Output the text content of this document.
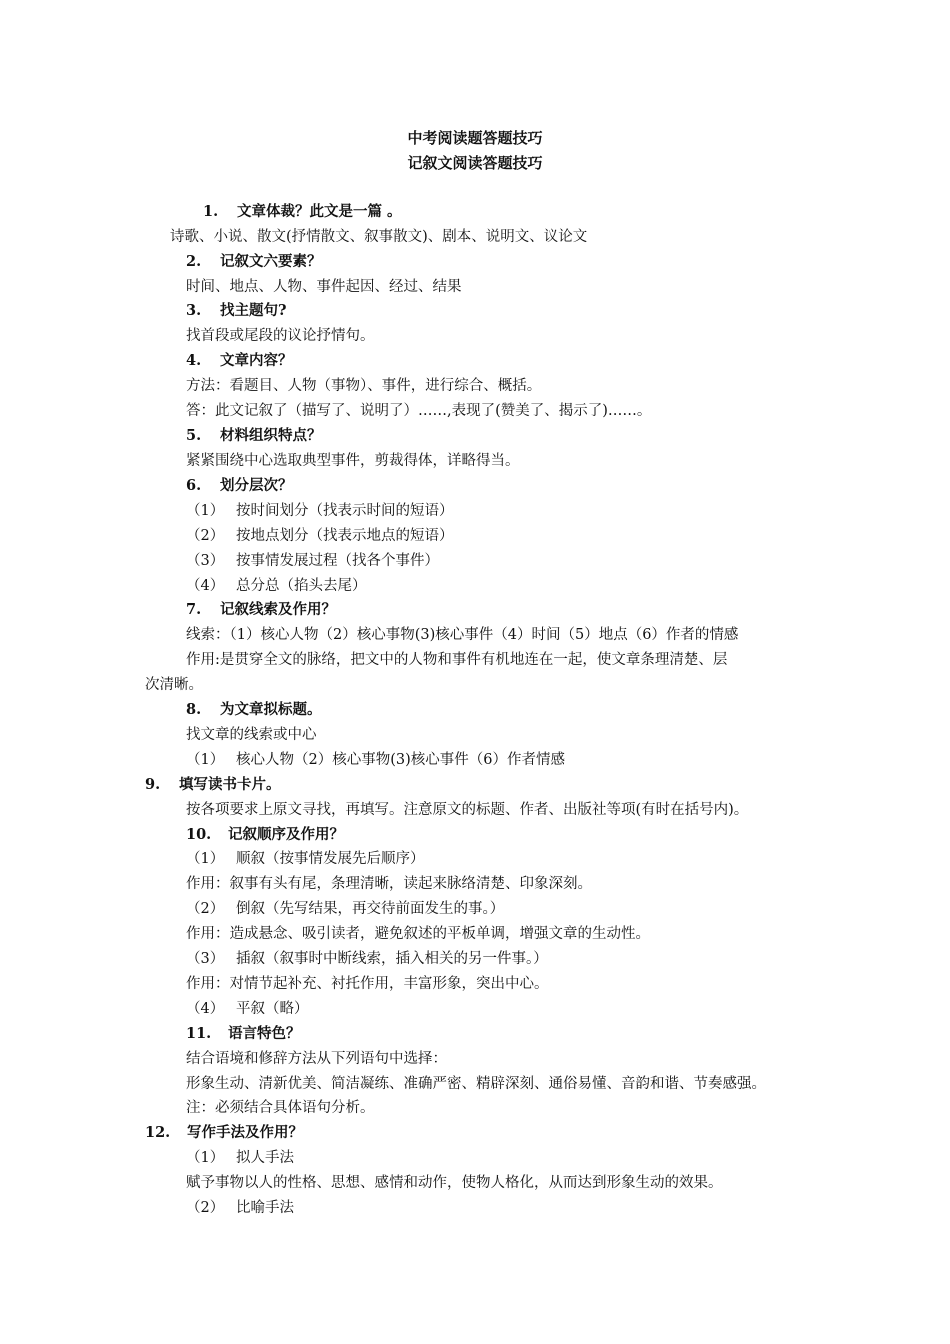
中考阅读题答题技巧
记叙文阅读答题技巧
1. 文章体裁？此文是一篇 。
诗歌、小说、散文(抒情散文、叙事散文)、剧本、说明文、议论文
2. 记叙文六要素？
时间、地点、人物、事件起因、经过、结果
3. 找主题句?
找首段或尾段的议论抒情句。
4. 文章内容？
方法：看题目、人物（事物）、事件，进行综合、概括。
答：此文记叙了（描写了、说明了）……,表现了(赞美了、揭示了)……。
5. 材料组织特点？
紧紧围绕中心选取典型事件，剪裁得体，详略得当。
6. 划分层次？
（1） 按时间划分（找表示时间的短语）
（2） 按地点划分（找表示地点的短语）
（3） 按事情发展过程（找各个事件）
（4） 总分总（掐头去尾）
7. 记叙线索及作用？
线索：（1）核心人物（2）核心事物(3)核心事件（4）时间（5）地点（6）作者的情感
作用:是贯穿全文的脉络，把文中的人物和事件有机地连在一起，使文章条理清楚、层
次清晰。
8. 为文章拟标题。
找文章的线索或中心
（1） 核心人物（2）核心事物(3)核心事件（6）作者情感
9. 填写读书卡片。
按各项要求上原文寻找，再填写。注意原文的标题、作者、出版社等项(有时在括号内)。
10. 记叙顺序及作用？
（1） 顺叙（按事情发展先后顺序）
作用：叙事有头有尾，条理清晰，读起来脉络清楚、印象深刻。
（2） 倒叙（先写结果，再交待前面发生的事。）
作用：造成悬念、吸引读者，避免叙述的平板单调，增强文章的生动性。
（3） 插叙（叙事时中断线索，插入相关的另一件事。）
作用：对情节起补充、衬托作用，丰富形象，突出中心。
（4） 平叙（略）
11. 语言特色？
结合语境和修辞方法从下列语句中选择：
形象生动、清新优美、简洁凝练、准确严密、精辟深刻、通俗易懂、音韵和谐、节奏感强。
注：必须结合具体语句分析。
12. 写作手法及作用？
（1） 拟人手法
赋予事物以人的性格、思想、感情和动作，使物人格化，从而达到形象生动的效果。
（2） 比喻手法
